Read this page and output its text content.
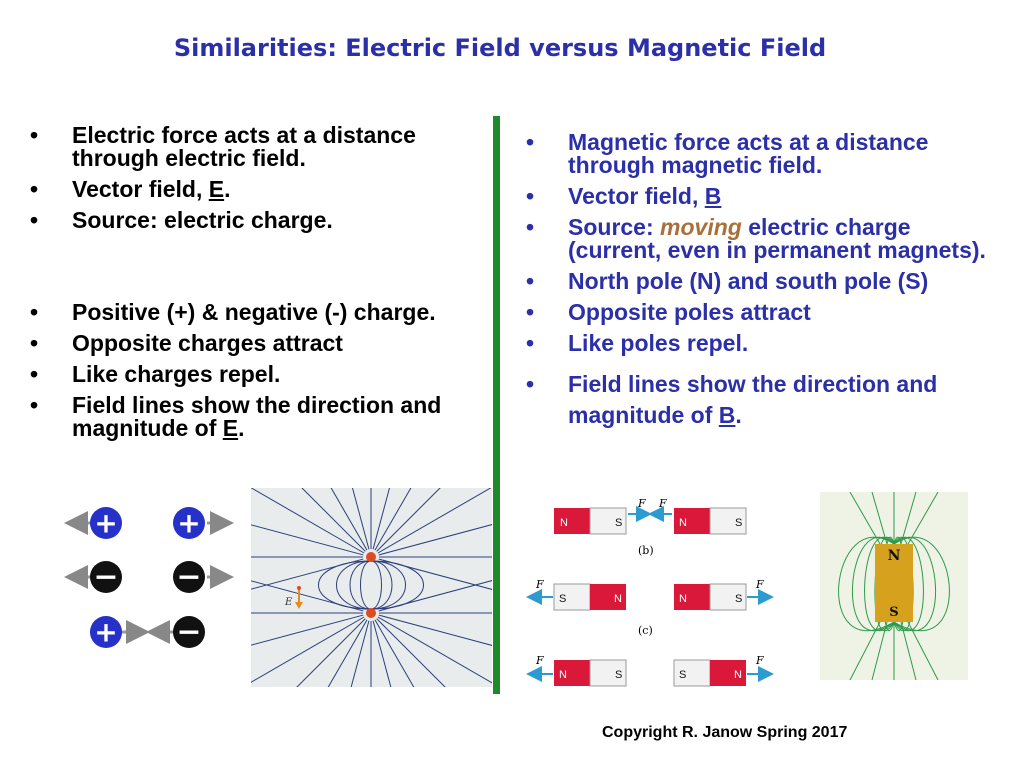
Similarities: Electric Field versus Magnetic Field
• Electric force acts at a distance through electric field.
• Vector field, E.
• Source: electric charge.
• Positive (+) & negative (-) charge.
• Opposite charges attract
• Like charges repel.
• Field lines show the direction and magnitude of E.
• Magnetic force acts at a distance through magnetic field.
• Vector field, B
• Source: moving electric charge (current, even in permanent magnets).
• North pole (N) and south pole (S)
• Opposite poles attract
• Like poles repel.
• Field lines show the direction and magnitude of B.
+ +
− −
+ −
E
N	S	N	S
F F
(b)
S	N	N	S
F	F
(c)
N	S	S	N
F	F
N
S
Copyright R. Janow Spring 2017
